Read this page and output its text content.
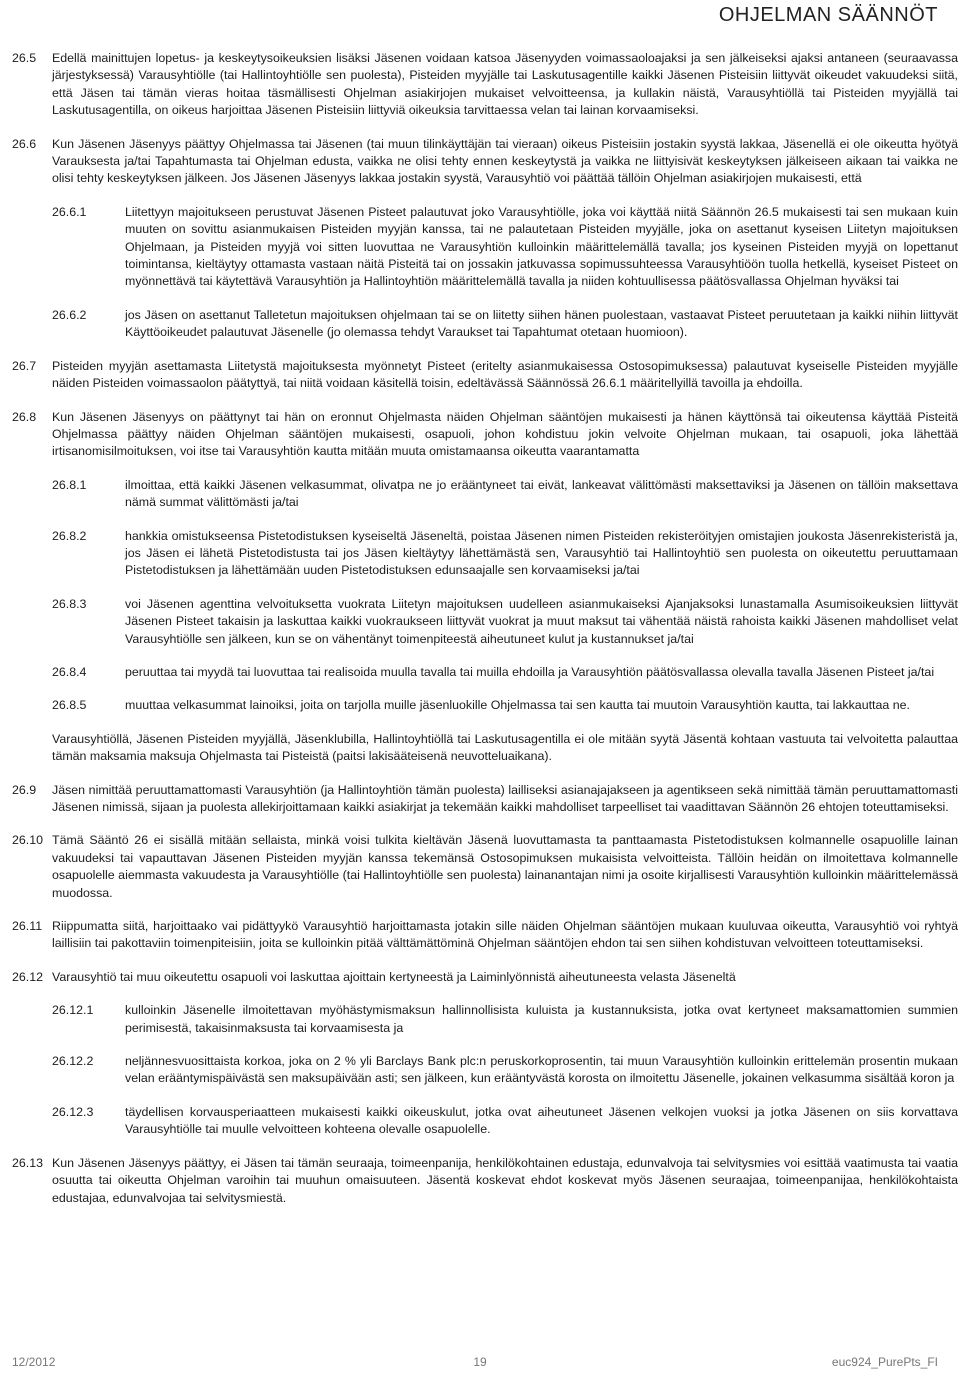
OHJELMAN SÄÄNNÖT
26.5	Edellä mainittujen lopetus- ja keskeytysoikeuksien lisäksi Jäsenen voidaan katsoa Jäsenyyden voimassaoloajaksi ja sen jälkeiseksi ajaksi antaneen (seuraavassa järjestyksessä) Varausyhtiölle (tai Hallintoyhtiölle sen puolesta), Pisteiden myyjälle tai Laskutusagentille kaikki Jäsenen Pisteisiin liittyvät oikeudet vakuudeksi siitä, että Jäsen tai tämän vieras hoitaa täsmällisesti Ohjelman asiakirjojen mukaiset velvoitteensa, ja kullakin näistä, Varausyhtiöllä tai Pisteiden myyjällä tai Laskutusagentilla, on oikeus harjoittaa Jäsenen Pisteisiin liittyviä oikeuksia tarvittaessa velan tai lainan korvaamiseksi.
26.6	Kun Jäsenen Jäsenyys päättyy Ohjelmassa tai Jäsenen (tai muun tilinkäyttäjän tai vieraan) oikeus Pisteisiin jostakin syystä lakkaa, Jäsenellä ei ole oikeutta hyötyä Varauksesta ja/tai Tapahtumasta tai Ohjelman edusta, vaikka ne olisi tehty ennen keskeytystä ja vaikka ne liittyisivät keskeytyksen jälkeiseen aikaan tai vaikka ne olisi tehty keskeytyksen jälkeen. Jos Jäsenen Jäsenyys lakkaa jostakin syystä, Varausyhtiö voi päättää tällöin Ohjelman asiakirjojen mukaisesti, että
26.6.1	Liitettyyn majoitukseen perustuvat Jäsenen Pisteet palautuvat joko Varausyhtiölle, joka voi käyttää niitä Säännön 26.5 mukaisesti tai sen mukaan kuin muuten on sovittu asianmukaisen Pisteiden myyjän kanssa, tai ne palautetaan Pisteiden myyjälle, joka on asettanut kyseisen Liitetyn majoituksen Ohjelmaan, ja Pisteiden myyjä voi sitten luovuttaa ne Varausyhtiön kulloinkin määrittelemällä tavalla; jos kyseinen Pisteiden myyjä on lopettanut toimintansa, kieltäytyy ottamasta vastaan näitä Pisteitä tai on jossakin jatkuvassa sopimussuhteessa Varausyhtiöön tuolla hetkellä, kyseiset Pisteet on myönnettävä tai käytettävä Varausyhtiön ja Hallintoyhtiön määrittelemällä tavalla ja niiden kohtuullisessa päätösvallassa Ohjelman hyväksi tai
26.6.2	jos Jäsen on asettanut Talletetun majoituksen ohjelmaan tai se on liitetty siihen hänen puolestaan, vastaavat Pisteet peruutetaan ja kaikki niihin liittyvät Käyttöoikeudet palautuvat Jäsenelle (jo olemassa tehdyt Varaukset tai Tapahtumat otetaan huomioon).
26.7	Pisteiden myyjän asettamasta Liitetystä majoituksesta myönnetyt Pisteet (eritelty asianmukaisessa Ostosopimuksessa) palautuvat kyseiselle Pisteiden myyjälle näiden Pisteiden voimassaolon päätyttyä, tai niitä voidaan käsitellä toisin, edeltävässä Säännössä 26.6.1 määritellyillä tavoilla ja ehdoilla.
26.8	Kun Jäsenen Jäsenyys on päättynyt tai hän on eronnut Ohjelmasta näiden Ohjelman sääntöjen mukaisesti ja hänen käyttönsä tai oikeutensa käyttää Pisteitä Ohjelmassa päättyy näiden Ohjelman sääntöjen mukaisesti, osapuoli, johon kohdistuu jokin velvoite Ohjelman mukaan, tai osapuoli, joka lähettää irtisanomisilmoituksen, voi itse tai Varausyhtiön kautta mitään muuta omistamaansa oikeutta vaarantamatta
26.8.1	ilmoittaa, että kaikki Jäsenen velkasummat, olivatpa ne jo erääntyneet tai eivät, lankeavat välittömästi maksettaviksi ja Jäsenen on tällöin maksettava nämä summat välittömästi ja/tai
26.8.2	hankkia omistukseensa Pistetodistuksen kyseiseltä Jäseneltä, poistaa Jäsenen nimen Pisteiden rekisteröityjen omistajien joukosta Jäsenrekisteristä ja, jos Jäsen ei lähetä Pistetodistusta tai jos Jäsen kieltäytyy lähettämästä sen, Varausyhtiö tai Hallintoyhtiö sen puolesta on oikeutettu peruuttamaan Pistetodistuksen ja lähettämään uuden Pistetodistuksen edunsaajalle sen korvaamiseksi ja/tai
26.8.3	voi Jäsenen agenttina velvoituksetta vuokrata Liitetyn majoituksen uudelleen asianmukaiseksi Ajanjaksoksi lunastamalla Asumisoikeuksien liittyvät Jäsenen Pisteet takaisin ja laskuttaa kaikki vuokraukseen liittyvät vuokrat ja muut maksut tai vähentää näistä rahoista kaikki Jäsenen mahdolliset velat Varausyhtiölle sen jälkeen, kun se on vähentänyt toimenpiteestä aiheutuneet kulut ja kustannukset ja/tai
26.8.4	peruuttaa tai myydä tai luovuttaa tai realisoida muulla tavalla tai muilla ehdoilla ja Varausyhtiön päätösvallassa olevalla tavalla Jäsenen Pisteet ja/tai
26.8.5	muuttaa velkasummat lainoiksi, joita on tarjolla muille jäsenluokille Ohjelmassa tai sen kautta tai muutoin Varausyhtiön kautta, tai lakkauttaa ne.
Varausyhtiöllä, Jäsenen Pisteiden myyjällä, Jäsenklubilla, Hallintoyhtiöllä tai Laskutusagentilla ei ole mitään syytä Jäsentä kohtaan vastuuta tai velvoitetta palauttaa tämän maksamia maksuja Ohjelmasta tai Pisteistä (paitsi lakisääteisenä neuvotteluaikana).
26.9	Jäsen nimittää peruuttamattomasti Varausyhtiön (ja Hallintoyhtiön tämän puolesta) lailliseksi asianajajakseen ja agentikseen sekä nimittää tämän peruuttamattomasti Jäsenen nimissä, sijaan ja puolesta allekirjoittamaan kaikki asiakirjat ja tekemään kaikki mahdolliset tarpeelliset tai vaadittavan Säännön 26 ehtojen toteuttamiseksi.
26.10 Tämä Sääntö 26 ei sisällä mitään sellaista, minkä voisi tulkita kieltävän Jäsenä luovuttamasta ta panttaamasta Pistetodistuksen kolmannelle osapuolille lainan vakuudeksi tai vapauttavan Jäsenen Pisteiden myyjän kanssa tekemänsä Ostosopimuksen mukaisista velvoitteista. Tällöin heidän on ilmoitettava kolmannelle osapuolelle aiemmasta vakuudesta ja Varausyhtiölle (tai Hallintoyhtiölle sen puolesta) lainanantajan nimi ja osoite kirjallisesti Varausyhtiön kulloinkin määrittelemässä muodossa.
26.11 Riippumatta siitä, harjoittaako vai pidättyykö Varausyhtiö harjoittamasta jotakin sille näiden Ohjelman sääntöjen mukaan kuuluvaa oikeutta, Varausyhtiö voi ryhtyä laillisiin tai pakottaviin toimenpiteisiin, joita se kulloinkin pitää välttämättöminä Ohjelman sääntöjen ehdon tai sen siihen kohdistuvan velvoitteen toteuttamiseksi.
26.12 Varausyhtiö tai muu oikeutettu osapuoli voi laskuttaa ajoittain kertyneestä ja Laiminlyönnistä aiheutuneesta velasta Jäseneltä
26.12.1	kulloinkin Jäsenelle ilmoitettavan myöhästymismaksun hallinnollisista kuluista ja kustannuksista, jotka ovat kertyneet maksamattomien summien perimisestä, takaisinmaksusta tai korvaamisesta ja
26.12.2	neljännesvuosittaista korkoa, joka on 2 % yli Barclays Bank plc:n peruskorkoprosentin, tai muun Varausyhtiön kulloinkin erittelemän prosentin mukaan velan erääntymispäivästä sen maksupäivään asti; sen jälkeen, kun erääntyvästä korosta on ilmoitettu Jäsenelle, jokainen velkasumma sisältää koron ja
26.12.3	täydellisen korvausperiaatteen mukaisesti kaikki oikeuskulut, jotka ovat aiheutuneet Jäsenen velkojen vuoksi ja jotka Jäsenen on siis korvattava Varausyhtiölle tai muulle velvoitteen kohteena olevalle osapuolelle.
26.13 Kun Jäsenen Jäsenyys päättyy, ei Jäsen tai tämän seuraaja, toimeenpanija, henkilökohtainen edustaja, edunvalvoja tai selvitysmies voi esittää vaatimusta tai vaatia osuutta tai oikeutta Ohjelman varoihin tai muuhun omaisuuteen. Jäsentä koskevat ehdot koskevat myös Jäsenen seuraajaa, toimeenpanijaa, henkilökohtaista edustajaa, edunvalvojaa tai selvitysmiestä.
12/2012	19	euc924_PurePts_FI
